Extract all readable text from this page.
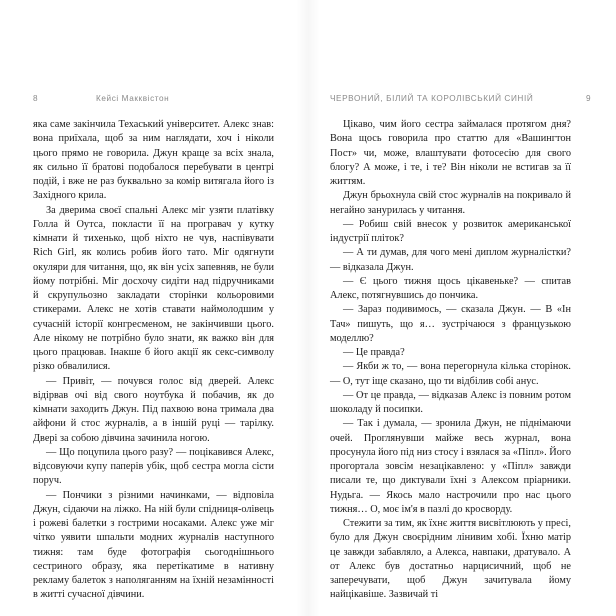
8	Кейсі Макквістон

яка саме закінчила Техаський університет. Алекс знав: вона приїхала, щоб за ним наглядати, хоч і ніколи цього прямо не говорила. Джун краще за всіх знала, як сильно її братові подобалося перебувати в центрі подій, і вже не раз буквально за комір витягала його із Західного крила.

За дверима своєї спальні Алекс міг узяти платівку Голла й Оутса, покласти її на програвач у кутку кімнати й тихенько, щоб ніхто не чув, наспівувати Rich Girl, як колись робив його тато. Міг одягнути окуляри для читання, що, як він усіх запевняв, не були йому потрібні. Міг досхочу сидіти над підручниками й скрупульозно закладати сторінки кольоровими стикерами. Алекс не хотів ставати наймолодшим у сучасній історії конгресменом, не закінчивши цього. Але нікому не потрібно було знати, як важко він для цього працював. Інакше б його акції як секс-символу різко обвалилися.

— Привіт, — почувся голос від дверей. Алекс відірвав очі від свого ноутбука й побачив, як до кімнати заходить Джун. Під пахвою вона тримала два айфони й стос журналів, а в іншій руці — тарілку. Двері за собою дівчина зачинила ногою.

— Що поцупила цього разу? — поцікавився Алекс, відсовуючи купу паперів убік, щоб сестра могла сісти поруч.

— Пончики з різними начинками, — відповіла Джун, сідаючи на ліжко. На ній були спідниця-олівець і рожеві балетки з гострими носаками. Алекс уже міг чітко уявити шпальти модних журналів наступного тижня: там буде фотографія сьогоднішнього сестриного образу, яка перетікатиме в нативну рекламу балеток з наполяганням на їхній незамінності в житті сучасної дівчини.

ЧЕРВОНИЙ, БІЛИЙ ТА КОРОЛІВСЬКИЙ СИНІЙ	9

Цікаво, чим його сестра займалася протягом дня? Вона щось говорила про статтю для «Вашингтон Пост» чи, може, влаштувати фотосесію для свого блогу? А може, і те, і те? Він ніколи не встигав за її життям.

Джун брьохнула свій стос журналів на покривало й негайно занурилась у читання.

— Робиш свій внесок у розвиток американської індустрії пліток?

— А ти думав, для чого мені диплом журналістки? — відказала Джун.

— Є цього тижня щось цікавеньке? — спитав Алекс, потягнувшись до пончика.

— Зараз подивимось, — сказала Джун. — В «Ін Тач» пишуть, що я… зустрічаюся з французькою моделлю?

— Це правда?

— Якби ж то, — вона перегорнула кілька сторінок. — О, тут іще сказано, що ти відбілив собі анус.

— От це правда, — відказав Алекс із повним ротом шоколаду й посипки.

— Так і думала, — зронила Джун, не піднімаючи очей. Проглянувши майже весь журнал, вона просунула його під низ стосу і взялася за «Піпл». Його прогорталa зовсім незацікавлено: у «Піпл» завжди писали те, що диктували їхні з Алексом пріарники. Нудьга. — Якось мало настрочили про нас цього тижня… О, моє ім'я в пазлі до кросворду.

Стежити за тим, як їхнє життя висвітлюють у пресі, було для Джун своєрідним лінивим хобі. Їхню матір це завжди забавляло, а Алекса, навпаки, дратувало. А от Алекс був достатньо нарцисичний, щоб не заперечувати, щоб Джун зачитувала йому найцікавіше. Зазвичай ті
